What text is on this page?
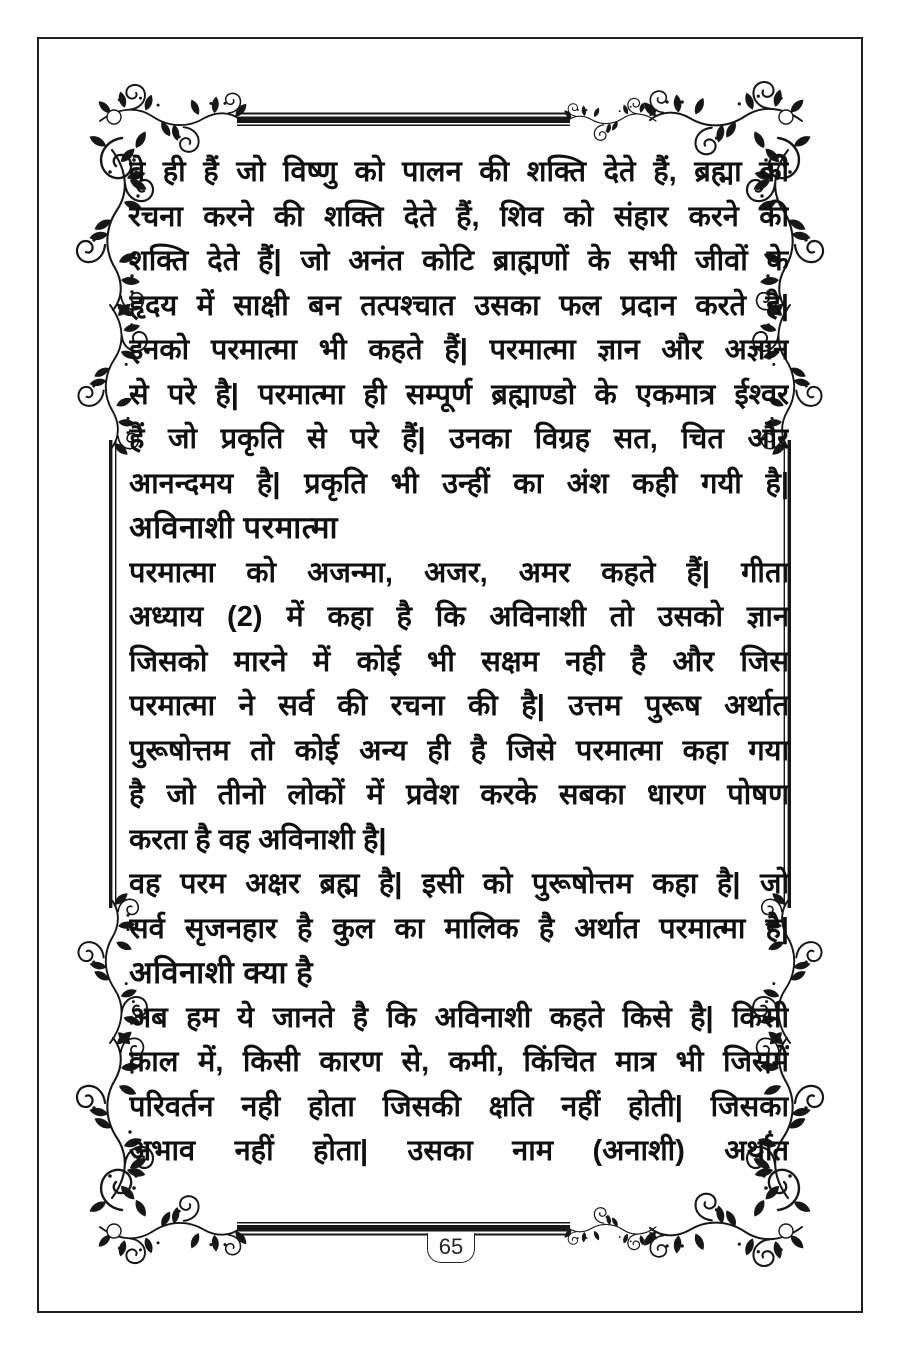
वे ही हैं जो विष्णु को पालन की शक्ति देते हैं, ब्रह्मा को
रचना करने की शक्ति देते हैं, शिव को संहार करने की
शक्ति देते हैं| जो अनंत कोटि ब्राह्मणों के सभी जीवों के
हृदय में साक्षी बन तत्पश्चात उसका फल प्रदान करते है|
इनको परमात्मा भी कहते हैं| परमात्मा ज्ञान और अज्ञान
से परे है| परमात्मा ही सम्पूर्ण ब्रह्माण्डो के एकमात्र ईश्वर
हैं जो प्रकृति से परे हैं| उनका विग्रह सत, चित और
आनन्दमय है| प्रकृति भी उन्हीं का अंश कही गयी है|
अविनाशी परमात्मा
परमात्मा को अजन्मा, अजर, अमर कहते हैं| गीता
अध्याय (2) में कहा है कि अविनाशी तो उसको ज्ञान
जिसको मारने में कोई भी सक्षम नही है और जिस
परमात्मा ने सर्व की रचना की है| उत्तम पुरूष अर्थात
पुरूषोत्तम तो कोई अन्य ही है जिसे परमात्मा कहा गया
है जो तीनो लोकों में प्रवेश करके सबका धारण पोषण
करता है वह अविनाशी है|
वह परम अक्षर ब्रह्म है| इसी को पुरूषोत्तम कहा है| जो
सर्व सृजनहार है कुल का मालिक है अर्थात परमात्मा है|
अविनाशी क्या है
अब हम ये जानते है कि अविनाशी कहते किसे है| किसी
काल में, किसी कारण से, कमी, किंचित मात्र भी जिसमें
परिवर्तन नही होता जिसकी क्षति नहीं होती| जिसका
अभाव नहीं होता| उसका नाम (अनाशी) अर्थात
65
